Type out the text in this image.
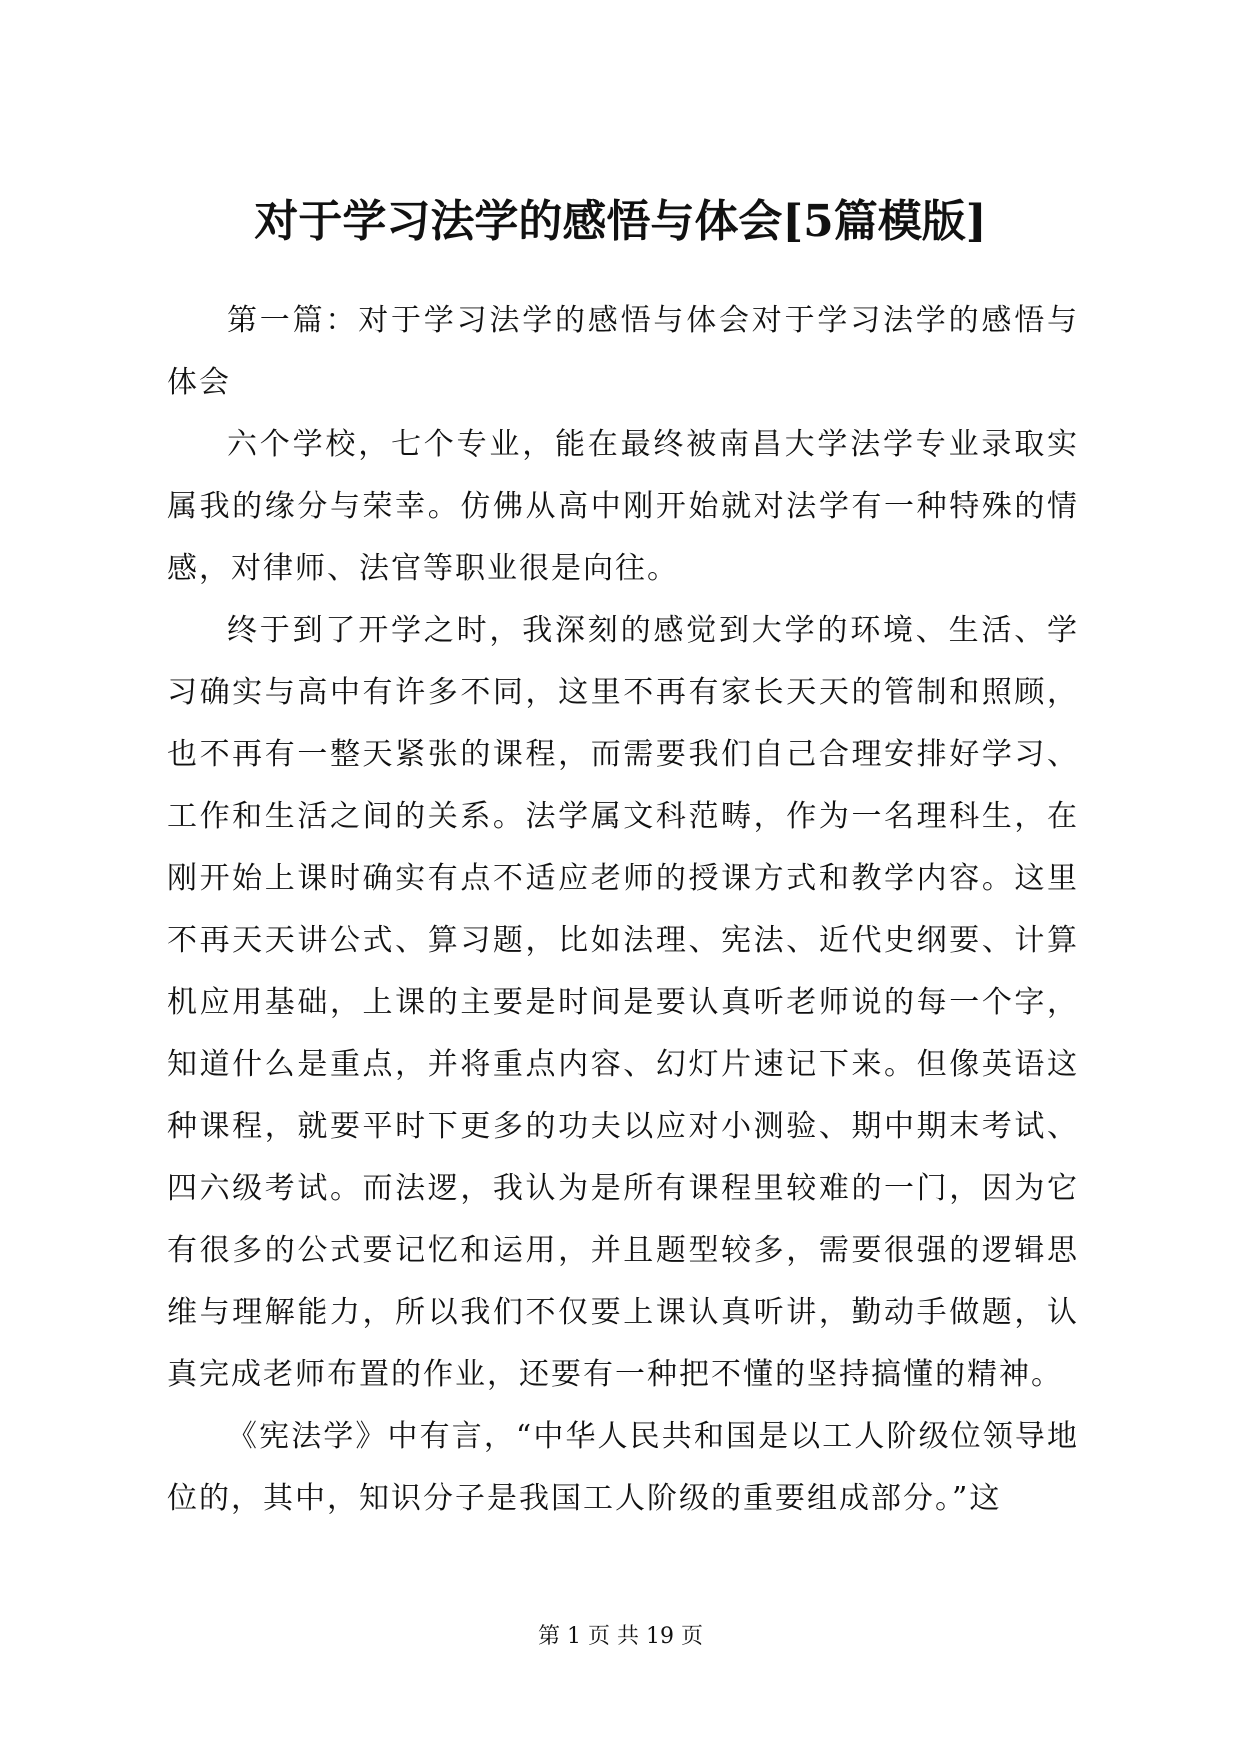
对于学习法学的感悟与体会[5篇模版]

第一篇：对于学习法学的感悟与体会对于学习法学的感悟与体会

六个学校，七个专业，能在最终被南昌大学法学专业录取实属我的缘分与荣幸。仿佛从高中刚开始就对法学有一种特殊的情感，对律师、法官等职业很是向往。

终于到了开学之时，我深刻的感觉到大学的环境、生活、学习确实与高中有许多不同，这里不再有家长天天的管制和照顾，也不再有一整天紧张的课程，而需要我们自己合理安排好学习、工作和生活之间的关系。法学属文科范畴，作为一名理科生，在刚开始上课时确实有点不适应老师的授课方式和教学内容。这里不再天天讲公式、算习题，比如法理、宪法、近代史纲要、计算机应用基础，上课的主要是时间是要认真听老师说的每一个字，知道什么是重点，并将重点内容、幻灯片速记下来。但像英语这种课程，就要平时下更多的功夫以应对小测验、期中期末考试、四六级考试。而法逻，我认为是所有课程里较难的一门，因为它有很多的公式要记忆和运用，并且题型较多，需要很强的逻辑思维与理解能力，所以我们不仅要上课认真听讲，勤动手做题，认真完成老师布置的作业，还要有一种把不懂的坚持搞懂的精神。

《宪法学》中有言，“中华人民共和国是以工人阶级位领导地位的，其中，知识分子是我国工人阶级的重要组成部分。”这

第 1 页 共 19 页
